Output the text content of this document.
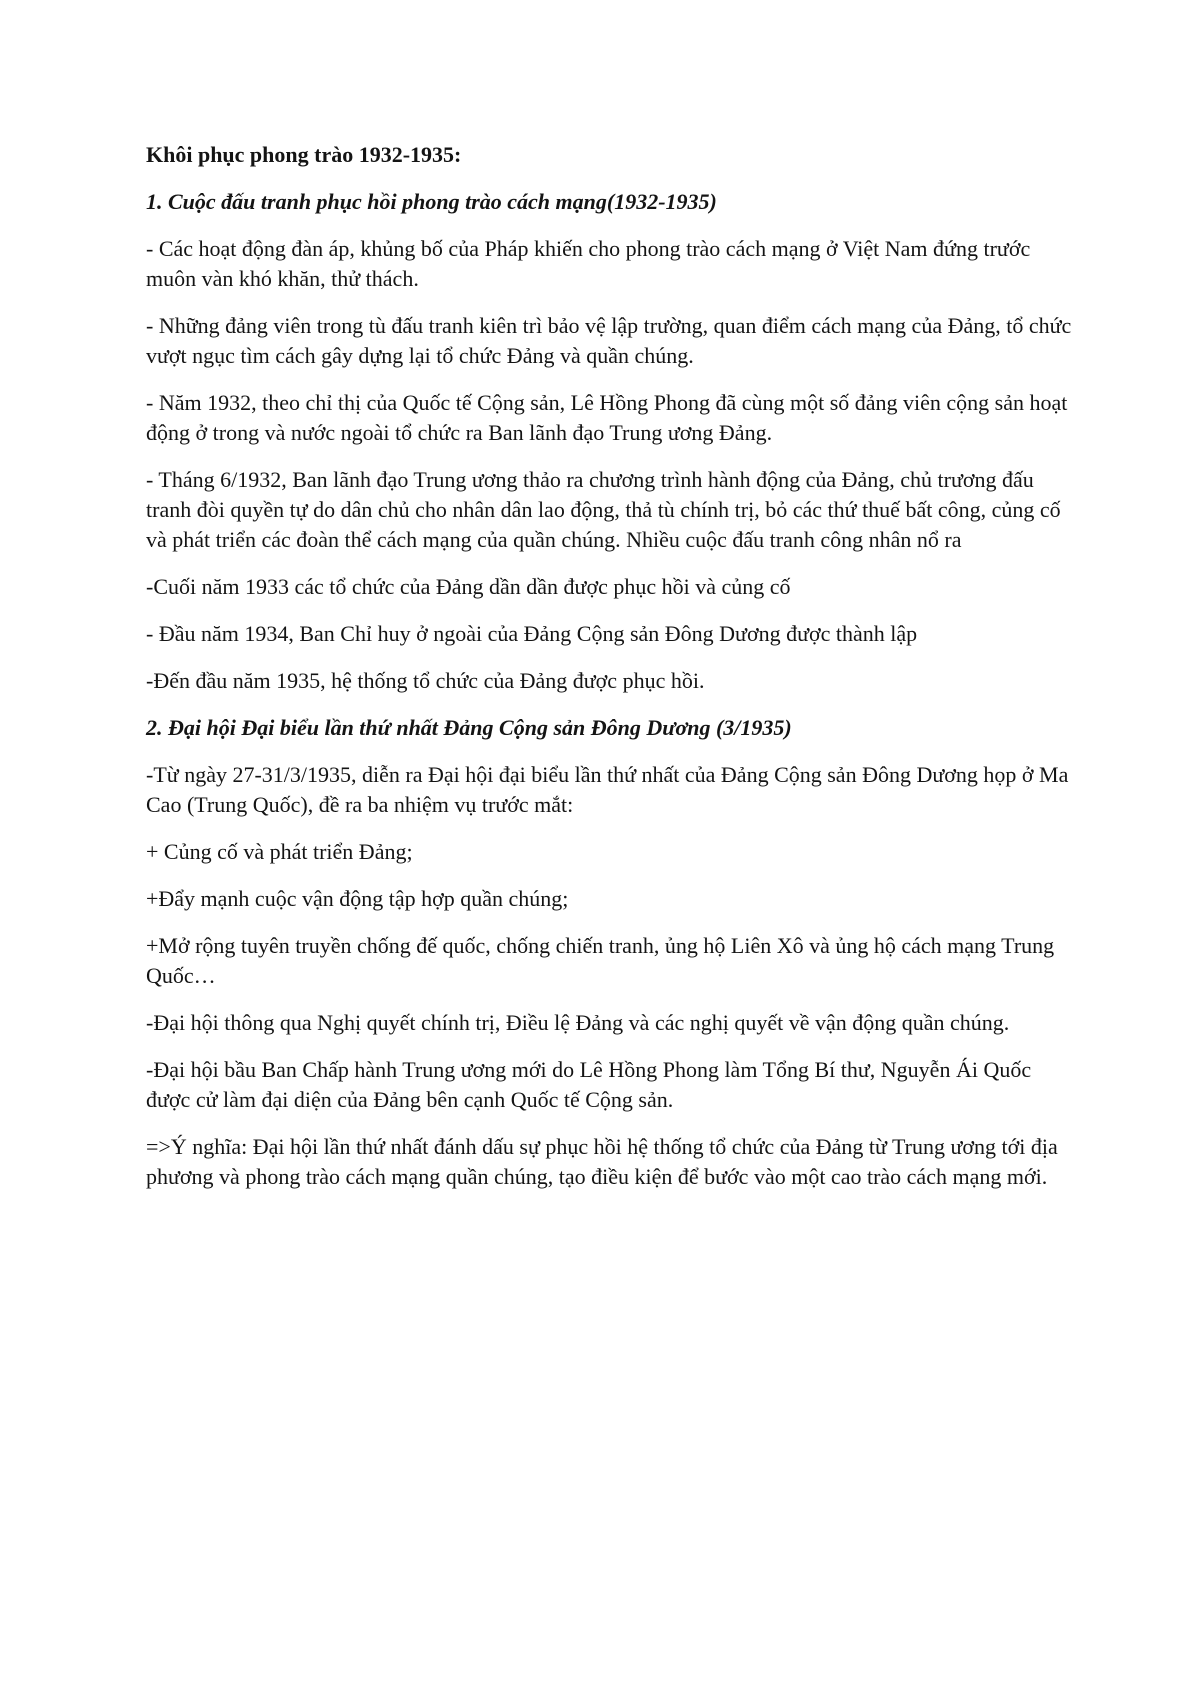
Khôi phục phong trào 1932-1935:

1. Cuộc đấu tranh phục hồi phong trào cách mạng(1932-1935)

- Các hoạt động đàn áp, khủng bố của Pháp khiến cho phong trào cách mạng ở Việt Nam đứng trước muôn vàn khó khăn, thử thách.

- Những đảng viên trong tù đấu tranh kiên trì bảo vệ lập trường, quan điểm cách mạng của Đảng, tổ chức vượt ngục tìm cách gây dựng lại tổ chức Đảng và quần chúng.

- Năm 1932, theo chỉ thị của Quốc tế Cộng sản, Lê Hồng Phong đã cùng một số đảng viên cộng sản hoạt động ở trong và nước ngoài tổ chức ra Ban lãnh đạo Trung ương Đảng.

- Tháng 6/1932, Ban lãnh đạo Trung ương thảo ra chương trình hành động của Đảng, chủ trương đấu tranh đòi quyền tự do dân chủ cho nhân dân lao động, thả tù chính trị, bỏ các thứ thuế bất công, củng cố và phát triển các đoàn thể cách mạng của quần chúng. Nhiều cuộc đấu tranh công nhân nổ ra

-Cuối năm 1933 các tổ chức của Đảng dần dần được phục hồi và củng cố

- Đầu năm 1934, Ban Chỉ huy ở ngoài của Đảng Cộng sản Đông Dương được thành lập

-Đến đầu năm 1935, hệ thống tổ chức của Đảng được phục hồi.

2. Đại hội Đại biểu lần thứ nhất Đảng Cộng sản Đông Dương (3/1935)

-Từ ngày 27-31/3/1935, diễn ra Đại hội đại biểu lần thứ nhất của Đảng Cộng sản Đông Dương họp ở Ma Cao (Trung Quốc), đề ra ba nhiệm vụ trước mắt:

+ Củng cố và phát triển Đảng;

+Đẩy mạnh cuộc vận động tập hợp quần chúng;

+Mở rộng tuyên truyền chống đế quốc, chống chiến tranh, ủng hộ Liên Xô và ủng hộ cách mạng Trung Quốc…

-Đại hội thông qua Nghị quyết chính trị, Điều lệ Đảng và các nghị quyết về vận động quần chúng.

-Đại hội bầu Ban Chấp hành Trung ương mới do Lê Hồng Phong làm Tổng Bí thư, Nguyễn Ái Quốc được cử làm đại diện của Đảng bên cạnh Quốc tế Cộng sản.

=>Ý nghĩa: Đại hội lần thứ nhất đánh dấu sự phục hồi hệ thống tổ chức của Đảng từ Trung ương tới địa phương và phong trào cách mạng quần chúng, tạo điều kiện để bước vào một cao trào cách mạng mới.
